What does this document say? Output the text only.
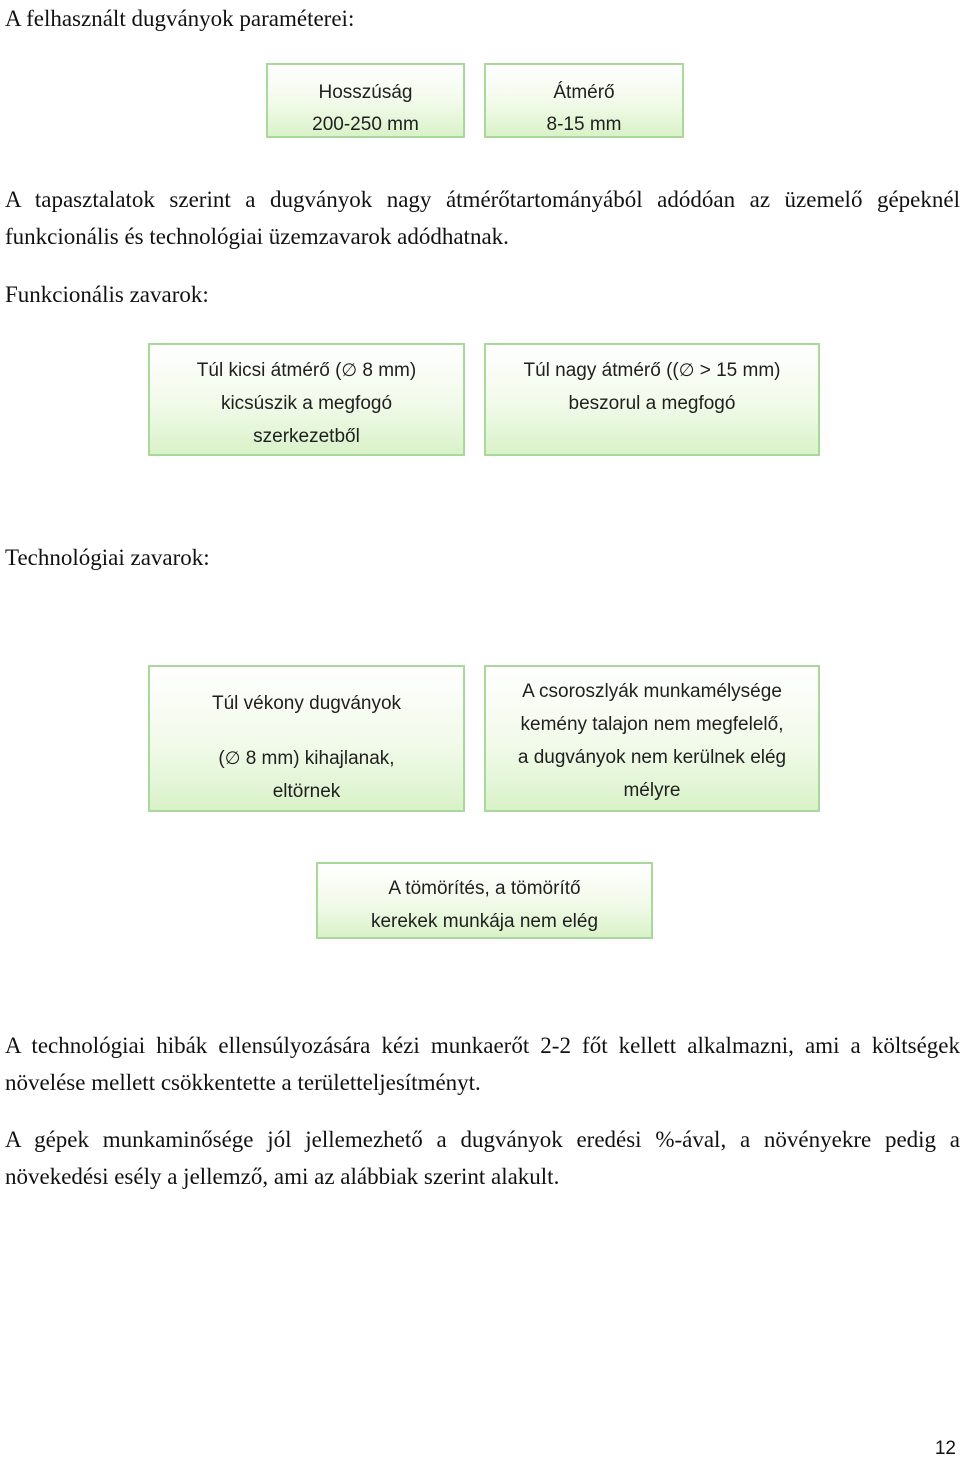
A felhasznált dugványok paraméterei:
Hosszúság
200-250 mm
Átmérő
8-15 mm
A tapasztalatok szerint a dugványok nagy átmérőtartományából adódóan az üzemelő gépeknél funkcionális és technológiai üzemzavarok adódhatnak.
Funkcionális zavarok:
Túl kicsi átmérő (∅ 8 mm)
kicsúszik a megfogó
szerkezetből
Túl nagy átmérő ((∅ > 15 mm)
beszorul a megfogó
Technológiai zavarok:
Túl vékony dugványok
(∅ 8 mm) kihajlanak,
eltörnek
A csoroszlyák munkamélysége
kemény talajon nem megfelelő,
a dugványok nem kerülnek elég
mélyre
A tömörítés, a tömörítő
kerekek munkája nem elég
A technológiai hibák ellensúlyozására kézi munkaerőt 2-2 főt kellett alkalmazni, ami a költségek növelése mellett csökkentette a területteljesítményt.
A gépek munkaminősége jól jellemezhető a dugványok eredési %-ával, a növényekre pedig a növekedési esély a jellemző, ami az alábbiak szerint alakult.
12
